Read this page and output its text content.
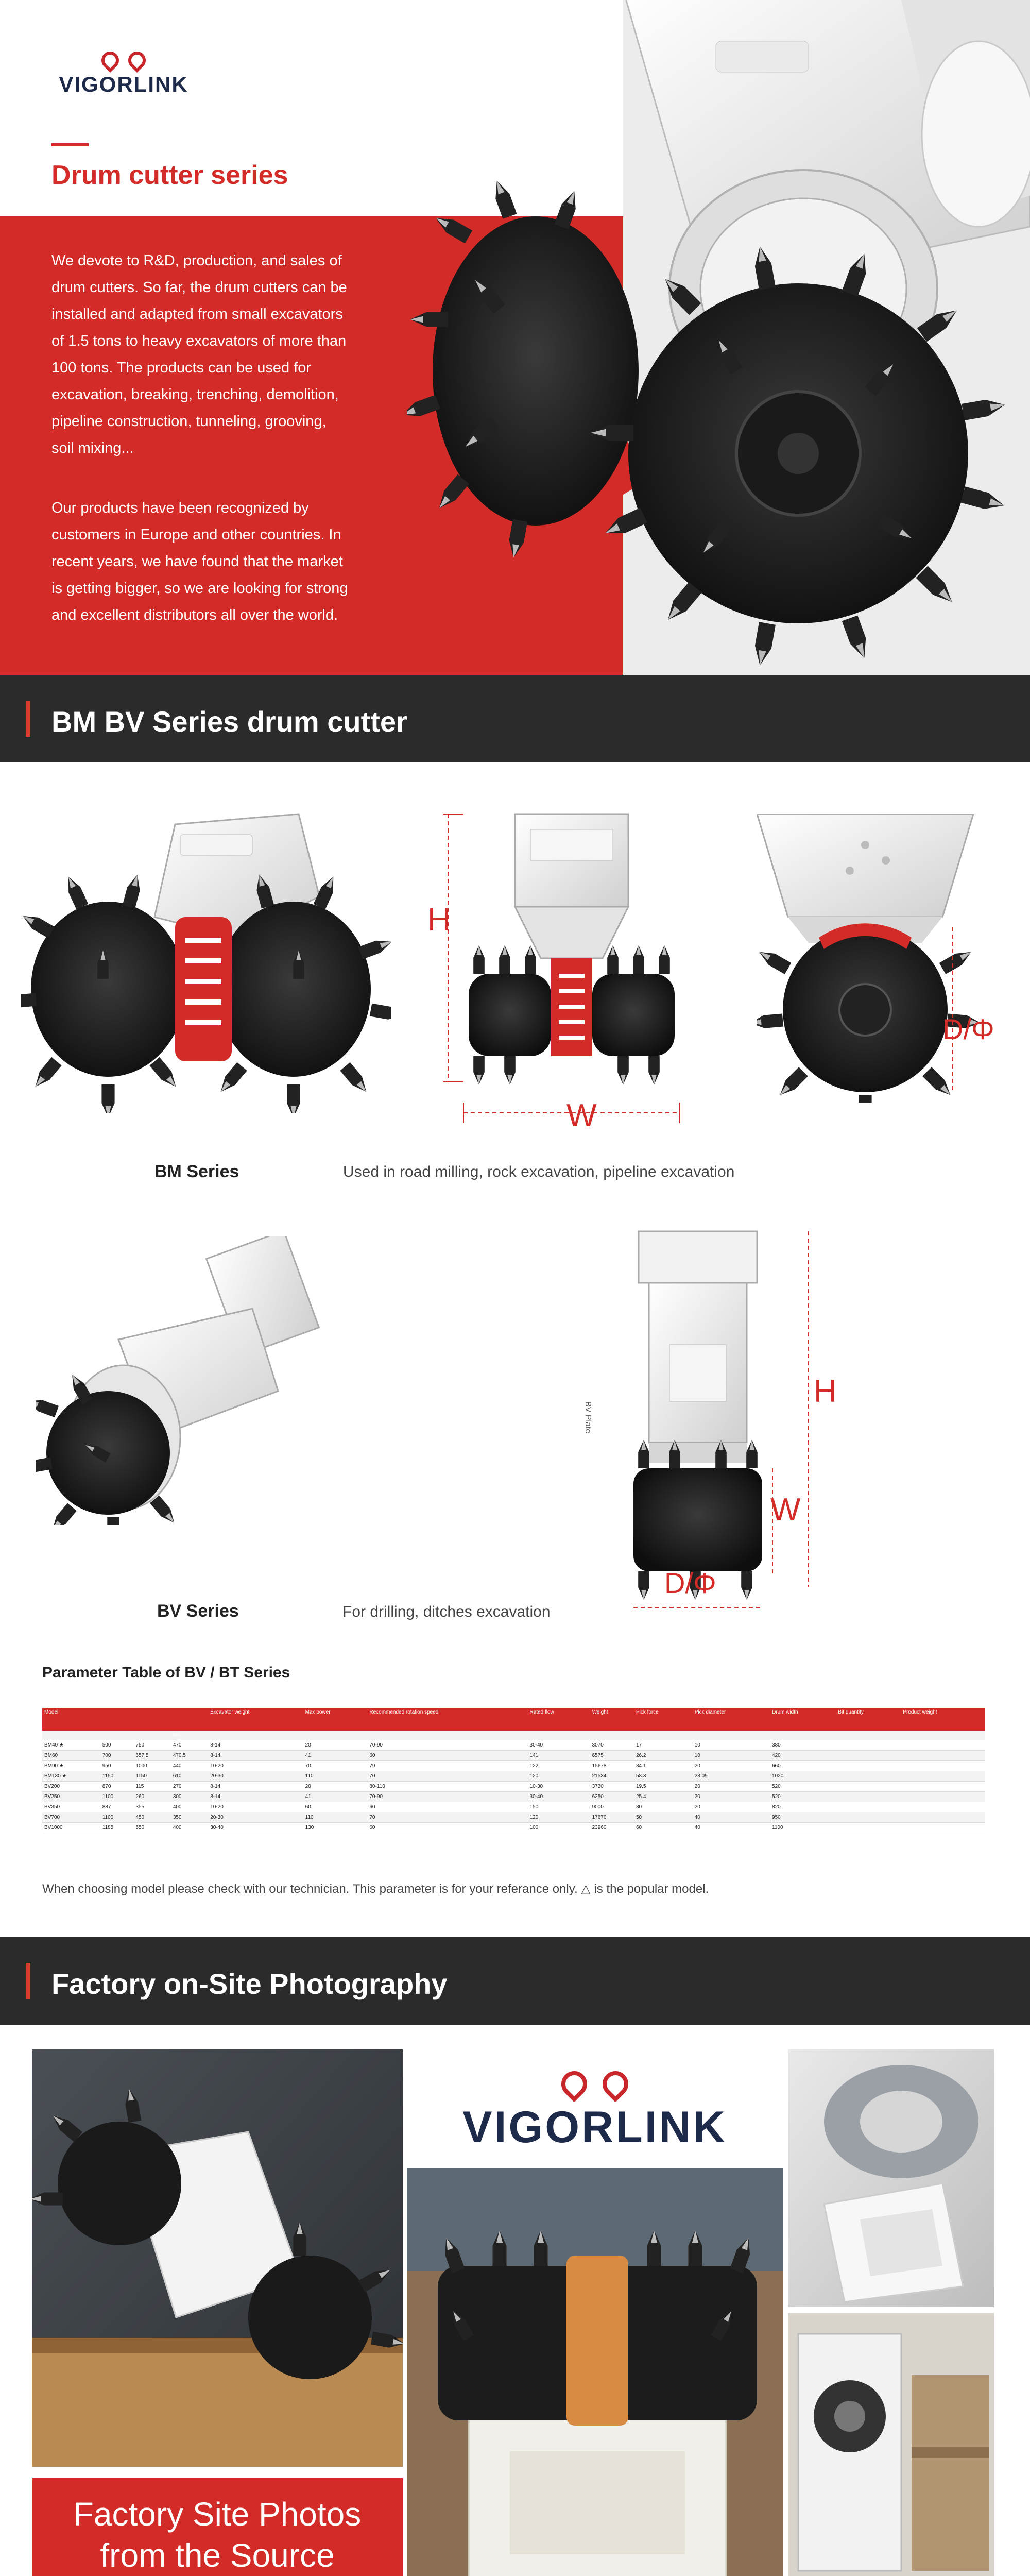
VIGORLINK
Drum cutter series
We devote to R&D, production, and sales of
drum cutters. So far, the drum cutters can be
installed and adapted from small excavators
of 1.5 tons to heavy excavators of more than
100 tons. The products can be used for
excavation, breaking, trenching, demolition,
pipeline construction, tunneling, grooving,
soil mixing...
Our products have been recognized by
customers in Europe and other countries. In
recent years, we have found that the market
is getting bigger, so we are looking for strong
and excellent distributors all over the world.
BM BV Series drum cutter
H
W
D/Φ
BM Series	Used in road milling, rock excavation, pipeline excavation
BV Plate
H
W
D/Φ
BV Series	For drilling, ditches excavation
Parameter Table of BV / BT Series
Model				Excavator weight	Max power	Recommended rotation speed	Rated flow	Weight	Pick force	Pick diameter	Drum width	Bit quantity	Product weight
			ton										
BM40 ★	500	750	470	8-14	20	70-90	30-40	3070	17	10	380		
BM60	700	657.5	470.5	8-14	41	60	141	6575	26.2	10	420		
BM90 ★	950	1000	440	10-20	70	79	122	15678	34.1	20	660		
BM130 ★	1150	1150	610	20-30	110	70	120	21534	58.3	28.09	1020		
BV200	870	115	270	8-14	20	80-110	10-30	3730	19.5	20	520		
BV250	1100	260	300	8-14	41	70-90	30-40	6250	25.4	20	520		
BV350	887	355	400	10-20	60	60	150	9000	30	20	820		
BV700	1100	450	350	20-30	110	70	120	17670	50	40	950		
BV1000	1185	550	400	30-40	130	60	100	23960	60	40	1100		
When choosing model please check with our technician. This parameter is for your referance only. △ is the popular model.
Factory on-Site Photography
Factory Site Photos
from the Source
VIGORLINK
